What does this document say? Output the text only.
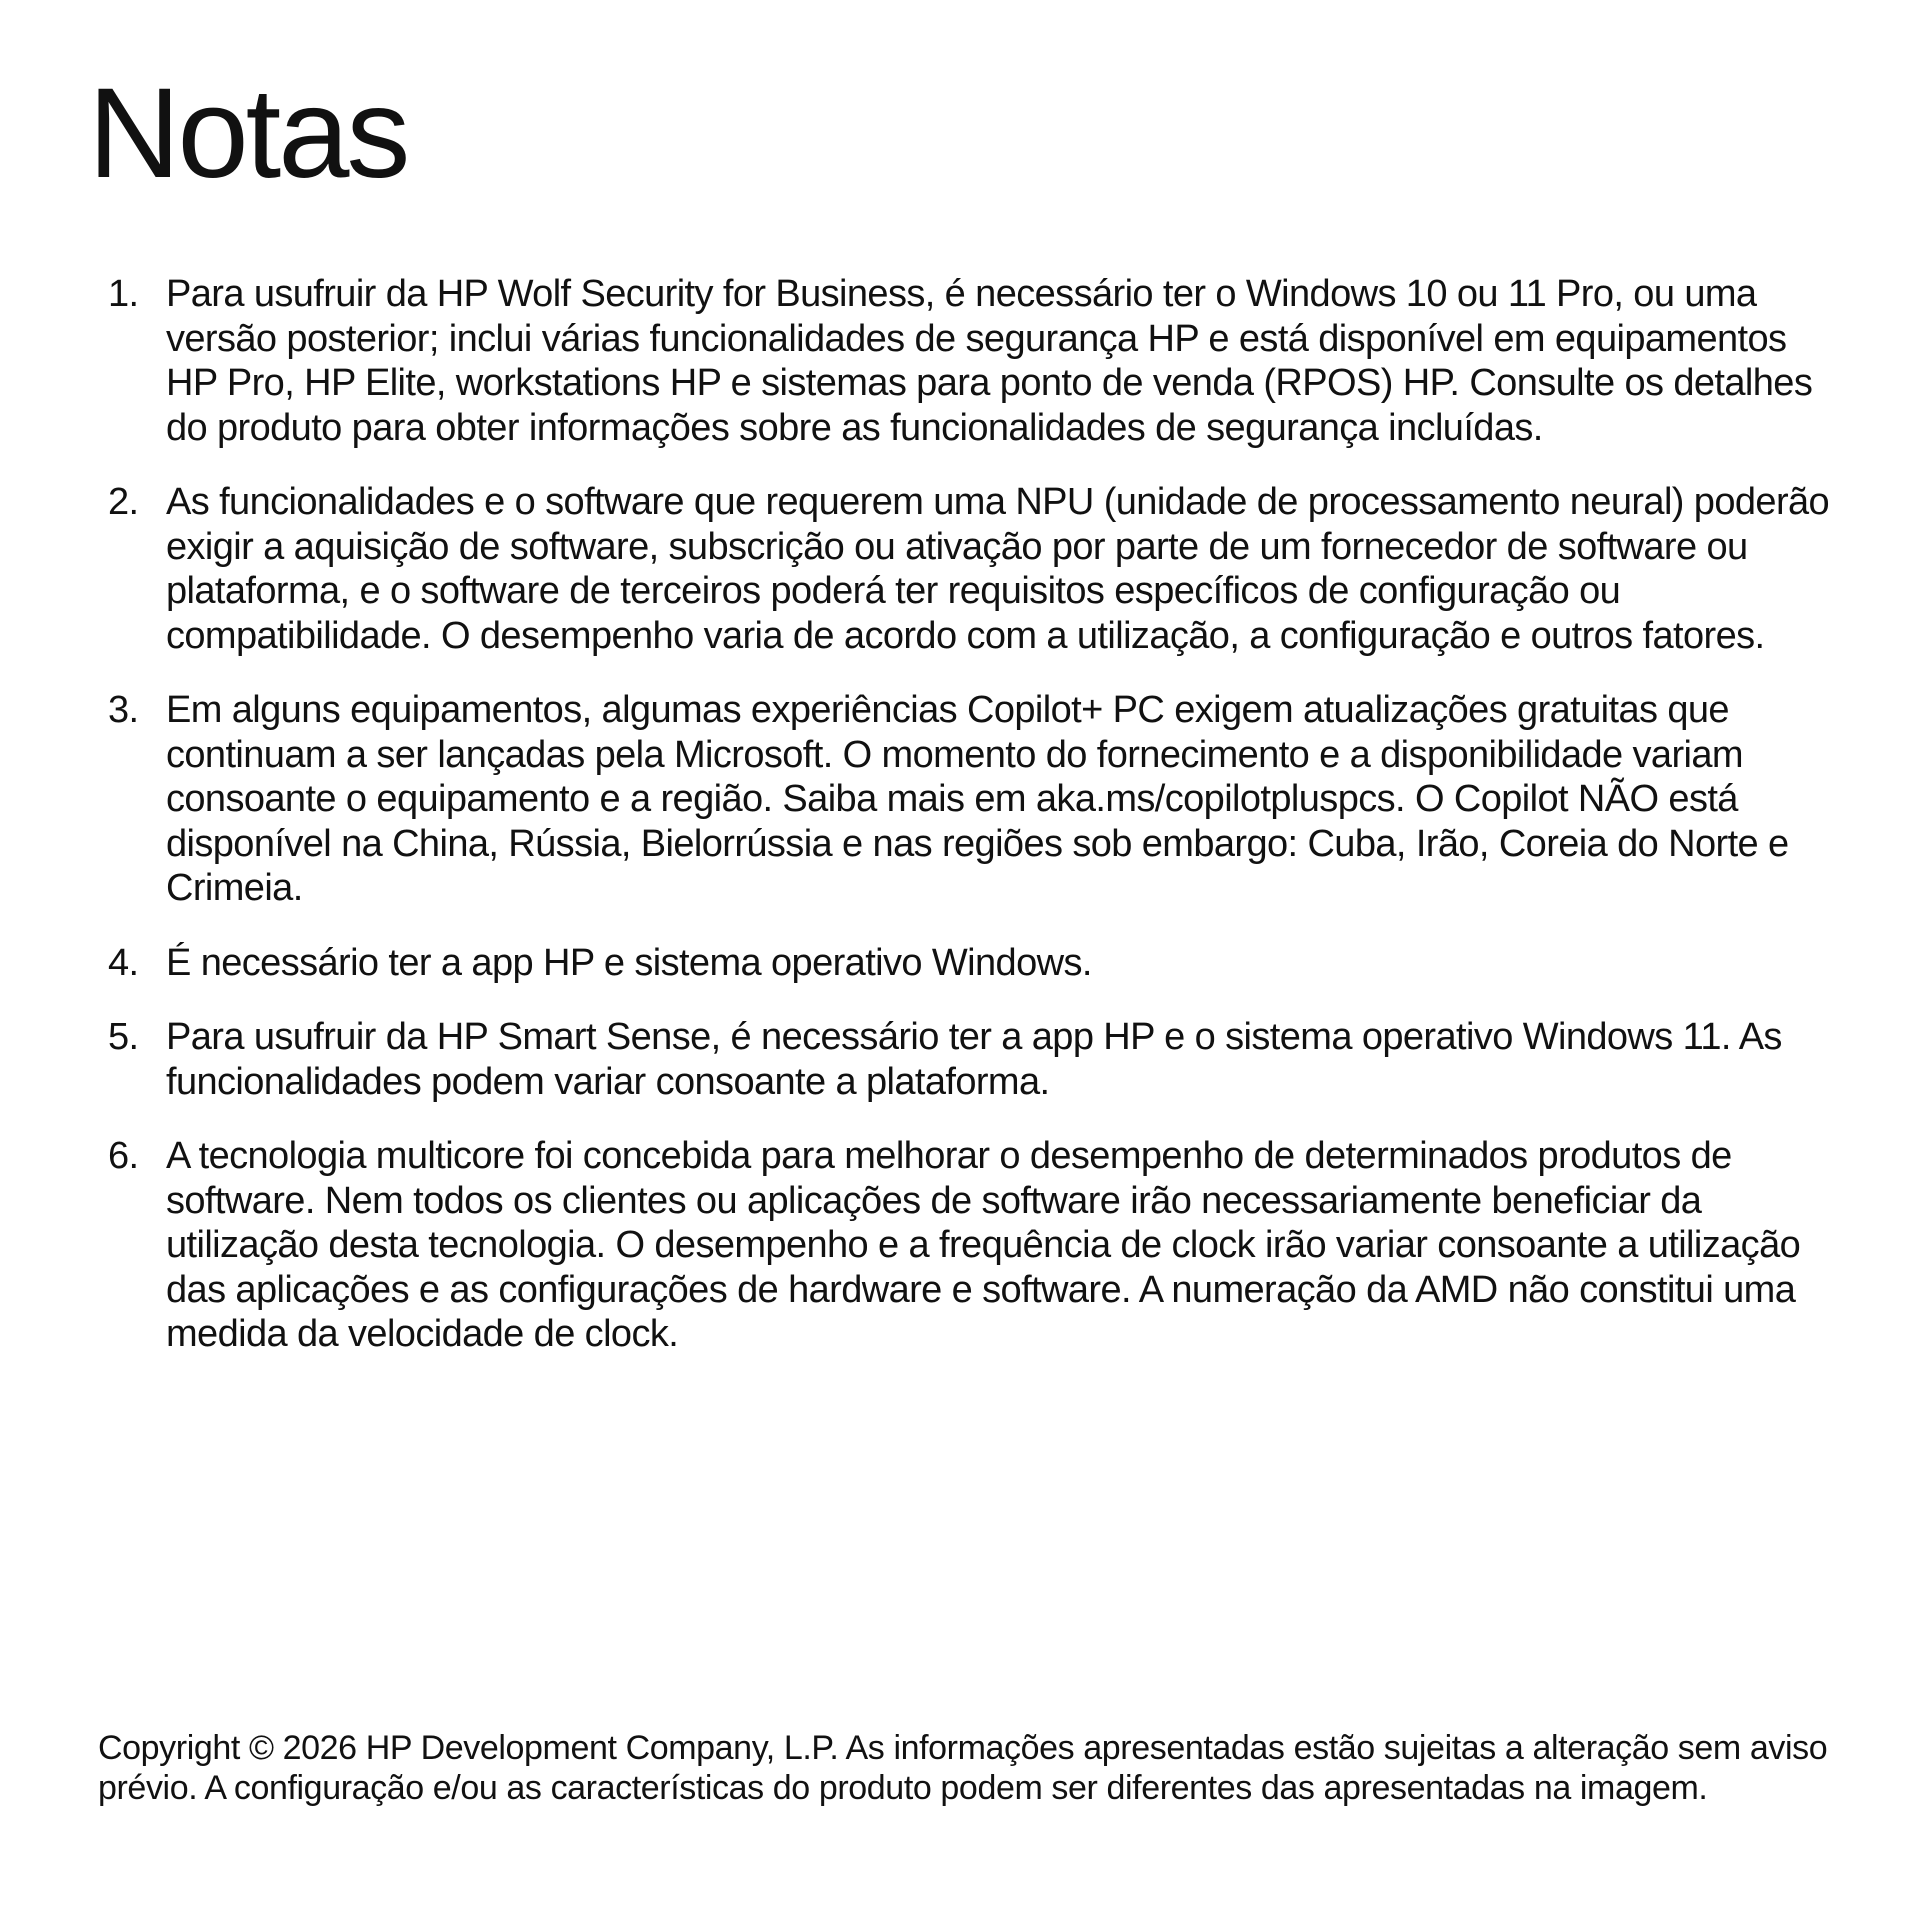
Notas
1. Para usufruir da HP Wolf Security for Business, é necessário ter o Windows 10 ou 11 Pro, ou uma versão posterior; inclui várias funcionalidades de segurança HP e está disponível em equipamentos HP Pro, HP Elite, workstations HP e sistemas para ponto de venda (RPOS) HP. Consulte os detalhes do produto para obter informações sobre as funcionalidades de segurança incluídas.
2. As funcionalidades e o software que requerem uma NPU (unidade de processamento neural) poderão exigir a aquisição de software, subscrição ou ativação por parte de um fornecedor de software ou plataforma, e o software de terceiros poderá ter requisitos específicos de configuração ou compatibilidade. O desempenho varia de acordo com a utilização, a configuração e outros fatores.
3. Em alguns equipamentos, algumas experiências Copilot+ PC exigem atualizações gratuitas que continuam a ser lançadas pela Microsoft. O momento do fornecimento e a disponibilidade variam consoante o equipamento e a região. Saiba mais em aka.ms/copilotpluspcs. O Copilot NÃO está disponível na China, Rússia, Bielorrússia e nas regiões sob embargo: Cuba, Irão, Coreia do Norte e Crimeia.
4. É necessário ter a app HP e sistema operativo Windows.
5. Para usufruir da HP Smart Sense, é necessário ter a app HP e o sistema operativo Windows 11. As funcionalidades podem variar consoante a plataforma.
6. A tecnologia multicore foi concebida para melhorar o desempenho de determinados produtos de software. Nem todos os clientes ou aplicações de software irão necessariamente beneficiar da utilização desta tecnologia. O desempenho e a frequência de clock irão variar consoante a utilização das aplicações e as configurações de hardware e software. A numeração da AMD não constitui uma medida da velocidade de clock.

Copyright © 2026 HP Development Company, L.P. As informações apresentadas estão sujeitas a alteração sem aviso prévio. A configuração e/ou as características do produto podem ser diferentes das apresentadas na imagem.
